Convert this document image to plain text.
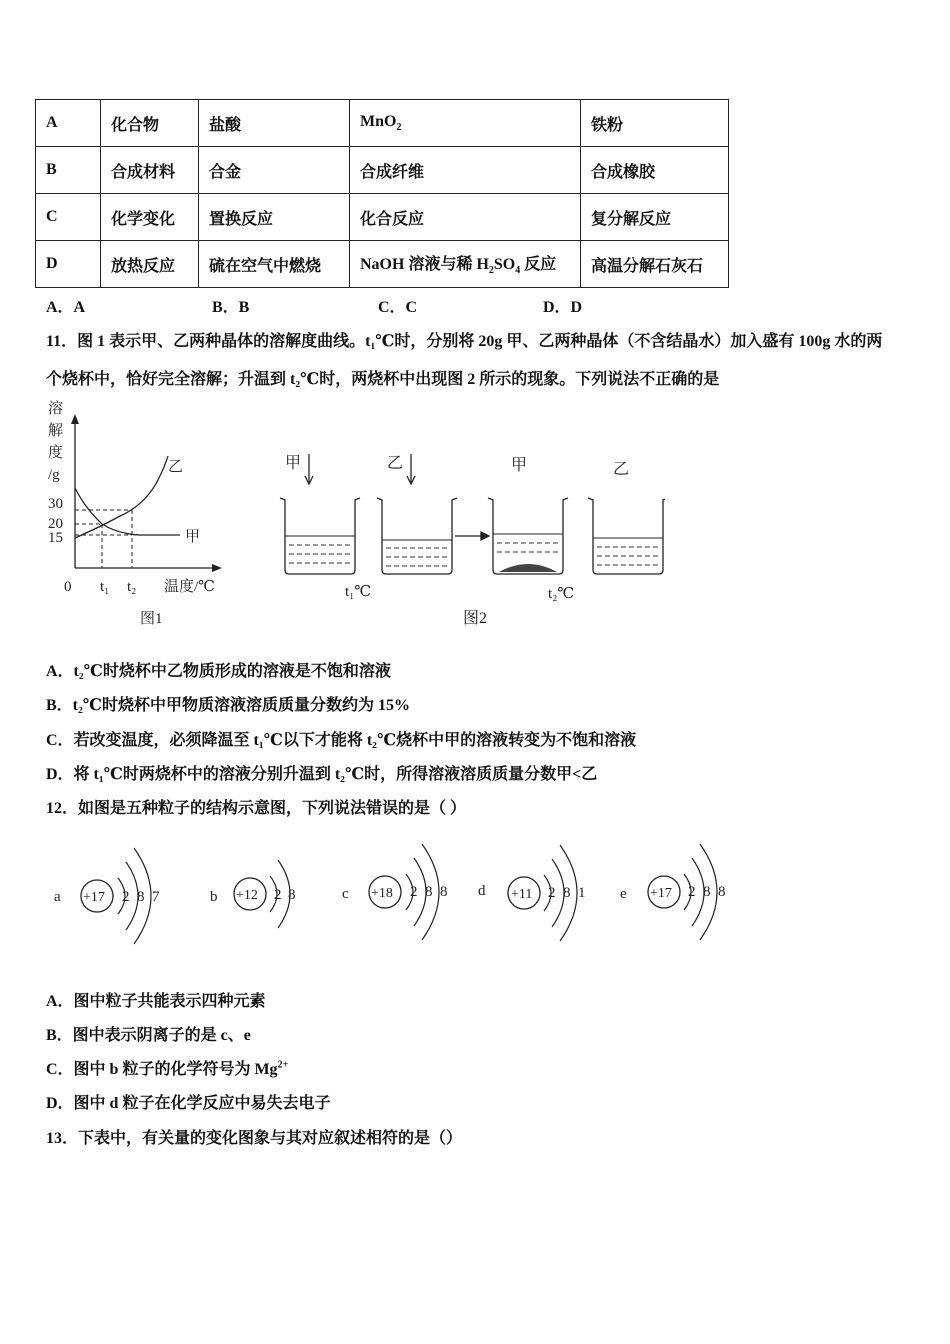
A	化合物	盐酸	MnO$_2$	铁粉
B	合成材料	合金	合成纤维	合成橡胶
C	化学变化	置换反应	化合反应	复分解反应
D	放热反应	硫在空气中燃烧	NaOH 溶液与稀 $H_2SO_4$ 反应	高温分解石灰石
A．A	B．B	C．C	D．D
11．图 1 表示甲、乙两种晶体的溶解度曲线。t₁℃时，分别将 20g 甲、乙两种晶体（不含结晶水）加入盛有 100g 水的两
个烧杯中，恰好完全溶解；升温到 t₂℃时，两烧杯中出现图 2 所示的现象。下列说法不正确的是
溶
解
度
/g
30
20
15
0 t₁ t₂ 温度/℃
乙
甲
图1
甲	乙	甲	乙
t₁℃	t₂℃
图2
A．t₂℃时烧杯中乙物质形成的溶液是不饱和溶液
B．t₂℃时烧杯中甲物质溶液溶质质量分数约为 15%
C．若改变温度，必须降温至 t₁℃以下才能将 t₂℃烧杯中甲的溶液转变为不饱和溶液
D．将 t₁℃时两烧杯中的溶液分别升温到 t₂℃时，所得溶液溶质质量分数甲<乙
12．如图是五种粒子的结构示意图，下列说法错误的是（ ）
a +17 2 8 7	b +12 2 8	c +18 2 8 8 d +11 2 8 1 e +17 2 8 8
A．图中粒子共能表示四种元素
B．图中表示阴离子的是 c、e
C．图中 b 粒子的化学符号为 $Mg^{2+}$
D．图中 d 粒子在化学反应中易失去电子
13．下表中，有关量的变化图象与其对应叙述相符的是（）
